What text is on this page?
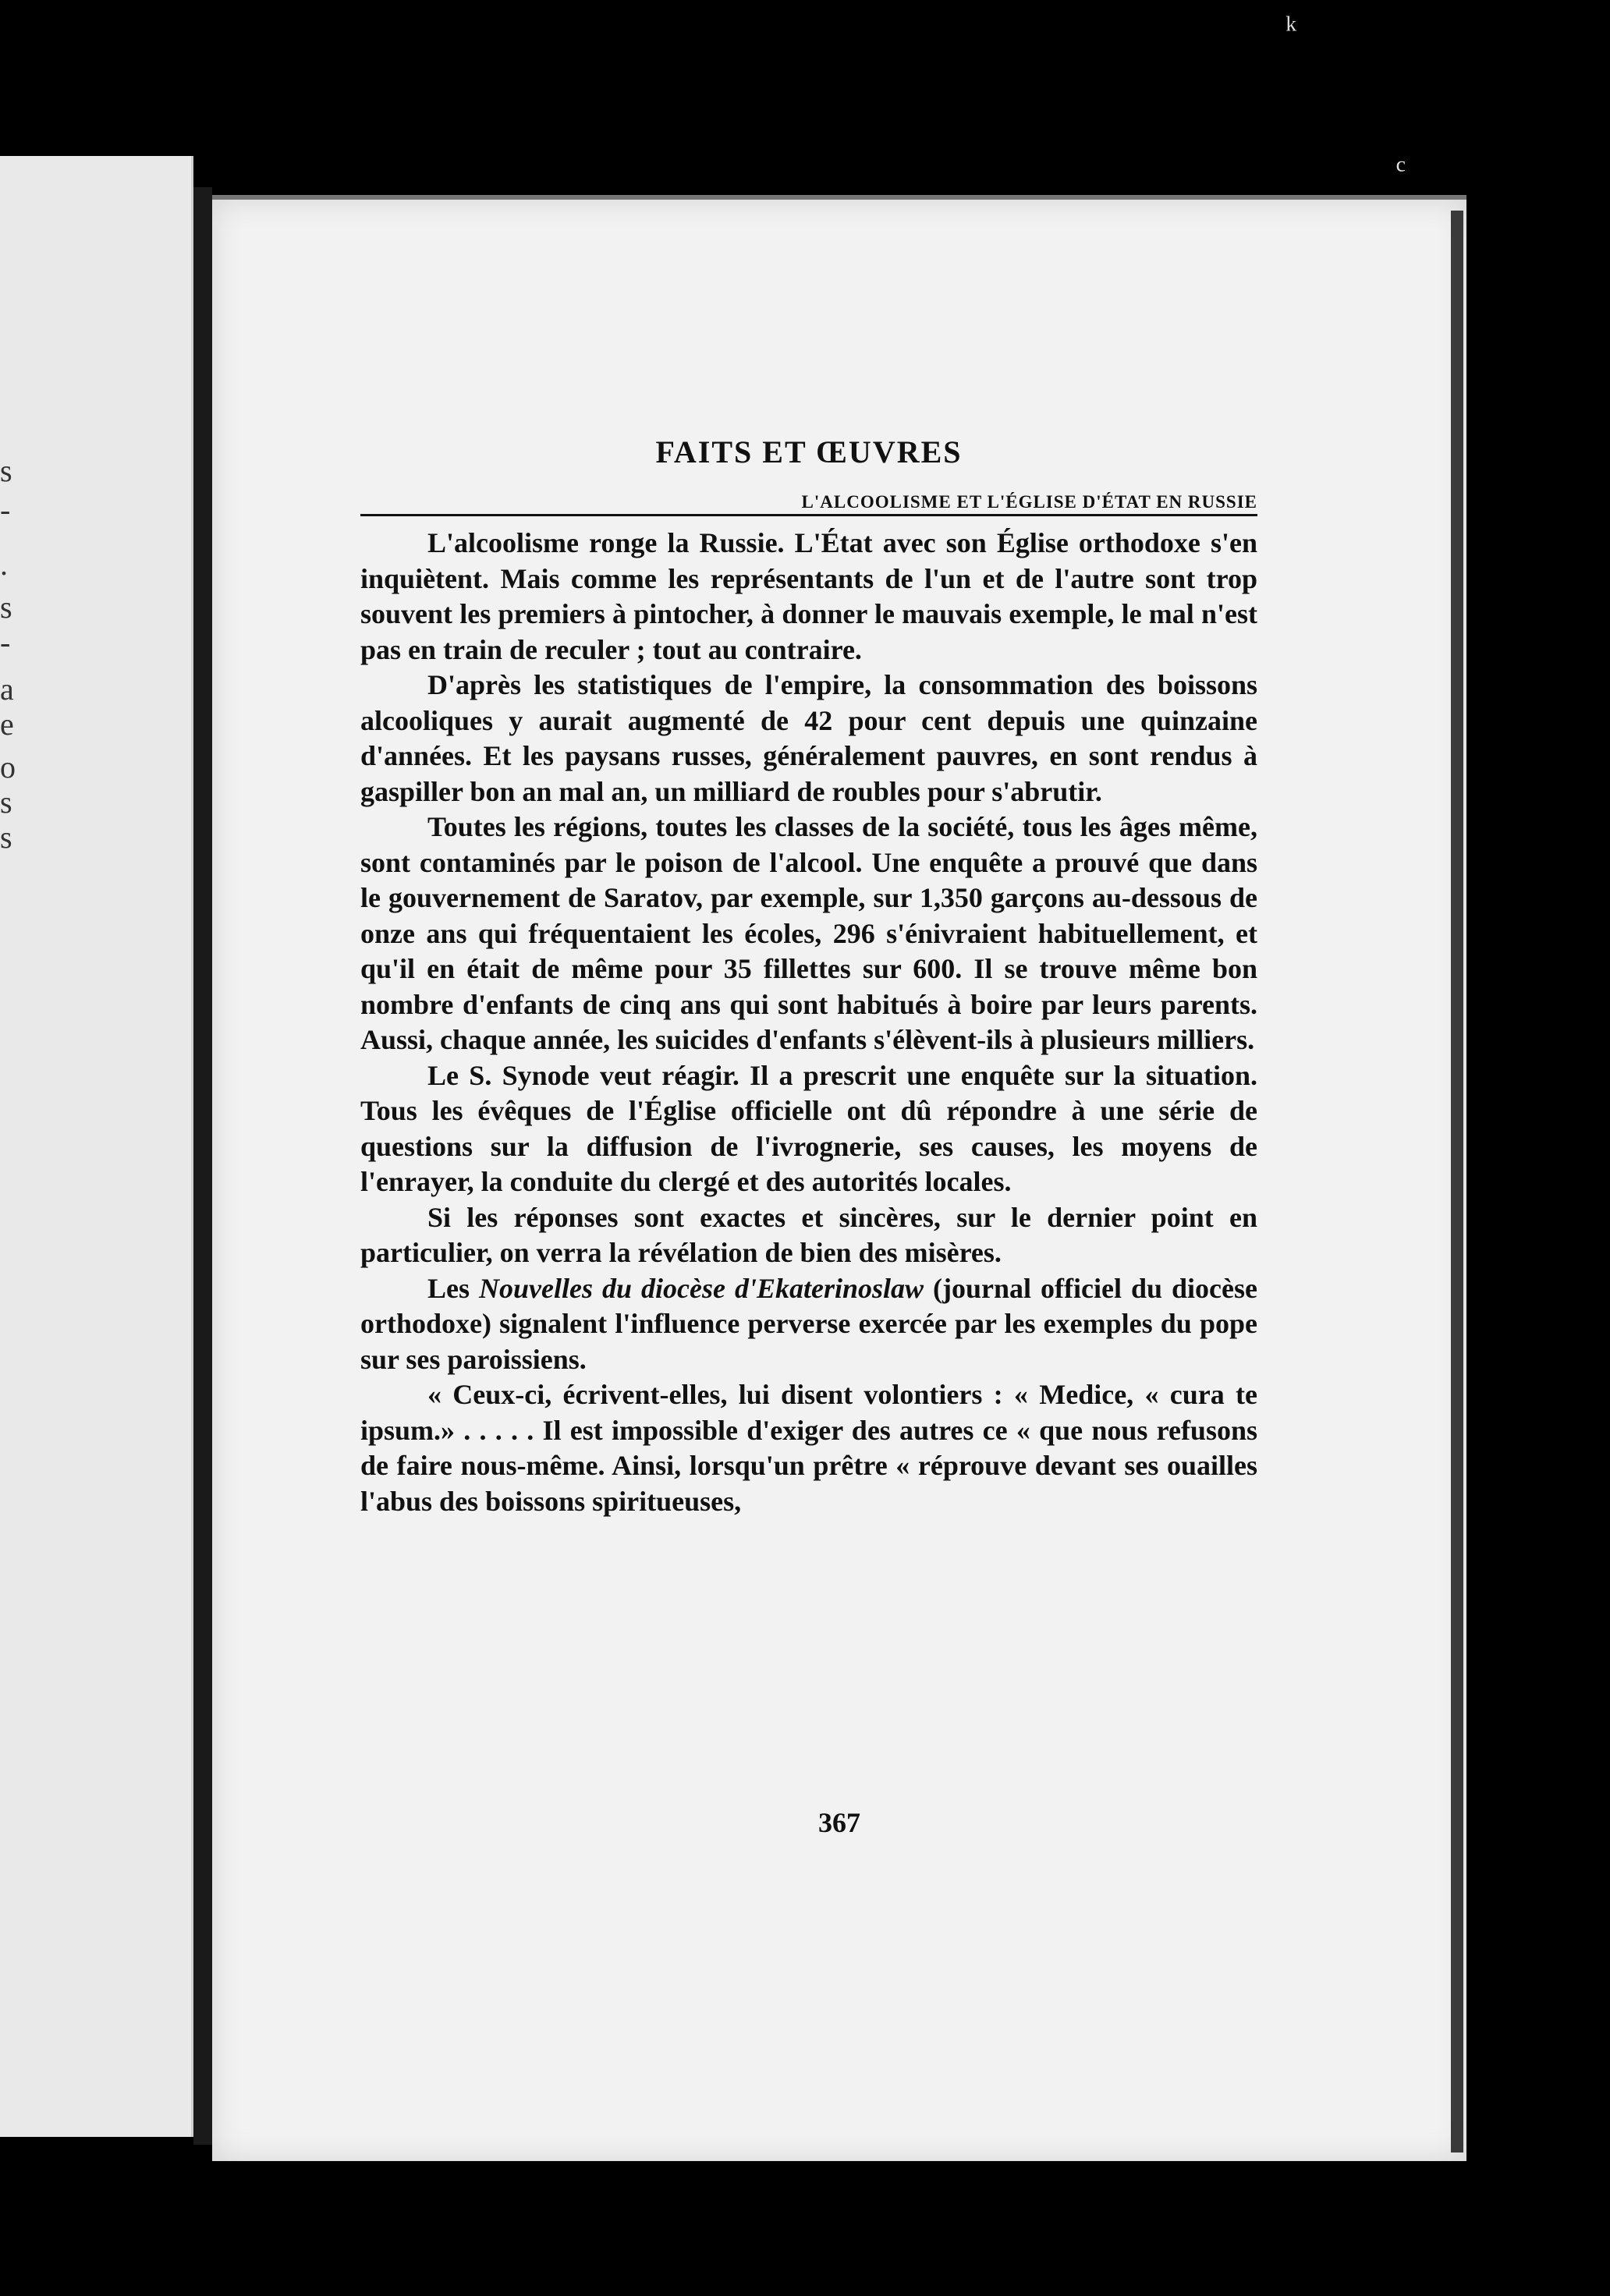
s
-
.
s
-
a
e
o
s
s
ᵏ
ᶜ
FAITS ET ŒUVRES
L'ALCOOLISME ET L'ÉGLISE D'ÉTAT EN RUSSIE

L'alcoolisme ronge la Russie. L'État avec son Église orthodoxe s'en inquiètent. Mais comme les représentants de l'un et de l'autre sont trop souvent les premiers à pintocher, à donner le mauvais exemple, le mal n'est pas en train de reculer ; tout au contraire.

D'après les statistiques de l'empire, la consommation des boissons alcooliques y aurait augmenté de 42 pour cent depuis une quinzaine d'années. Et les paysans russes, généralement pauvres, en sont rendus à gaspiller bon an mal an, un milliard de roubles pour s'abrutir.

Toutes les régions, toutes les classes de la société, tous les âges même, sont contaminés par le poison de l'alcool. Une enquête a prouvé que dans le gouvernement de Saratov, par exemple, sur 1,350 garçons au-dessous de onze ans qui fréquentaient les écoles, 296 s'énivraient habituellement, et qu'il en était de même pour 35 fillettes sur 600. Il se trouve même bon nombre d'enfants de cinq ans qui sont habitués à boire par leurs parents. Aussi, chaque année, les suicides d'enfants s'élèvent-ils à plusieurs milliers.

Le S. Synode veut réagir. Il a prescrit une enquête sur la situation. Tous les évêques de l'Église officielle ont dû répondre à une série de questions sur la diffusion de l'ivrognerie, ses causes, les moyens de l'enrayer, la conduite du clergé et des autorités locales.

Si les réponses sont exactes et sincères, sur le dernier point en particulier, on verra la révélation de bien des misères.

Les Nouvelles du diocèse d'Ekaterinoslaw (journal officiel du diocèse orthodoxe) signalent l'influence perverse exercée par les exemples du pope sur ses paroissiens.

« Ceux-ci, écrivent-elles, lui disent volontiers : « Medice, « cura te ipsum.» . . . . . Il est impossible d'exiger des autres ce « que nous refusons de faire nous-même. Ainsi, lorsqu'un prêtre « réprouve devant ses ouailles l'abus des boissons spiritueuses,

367
